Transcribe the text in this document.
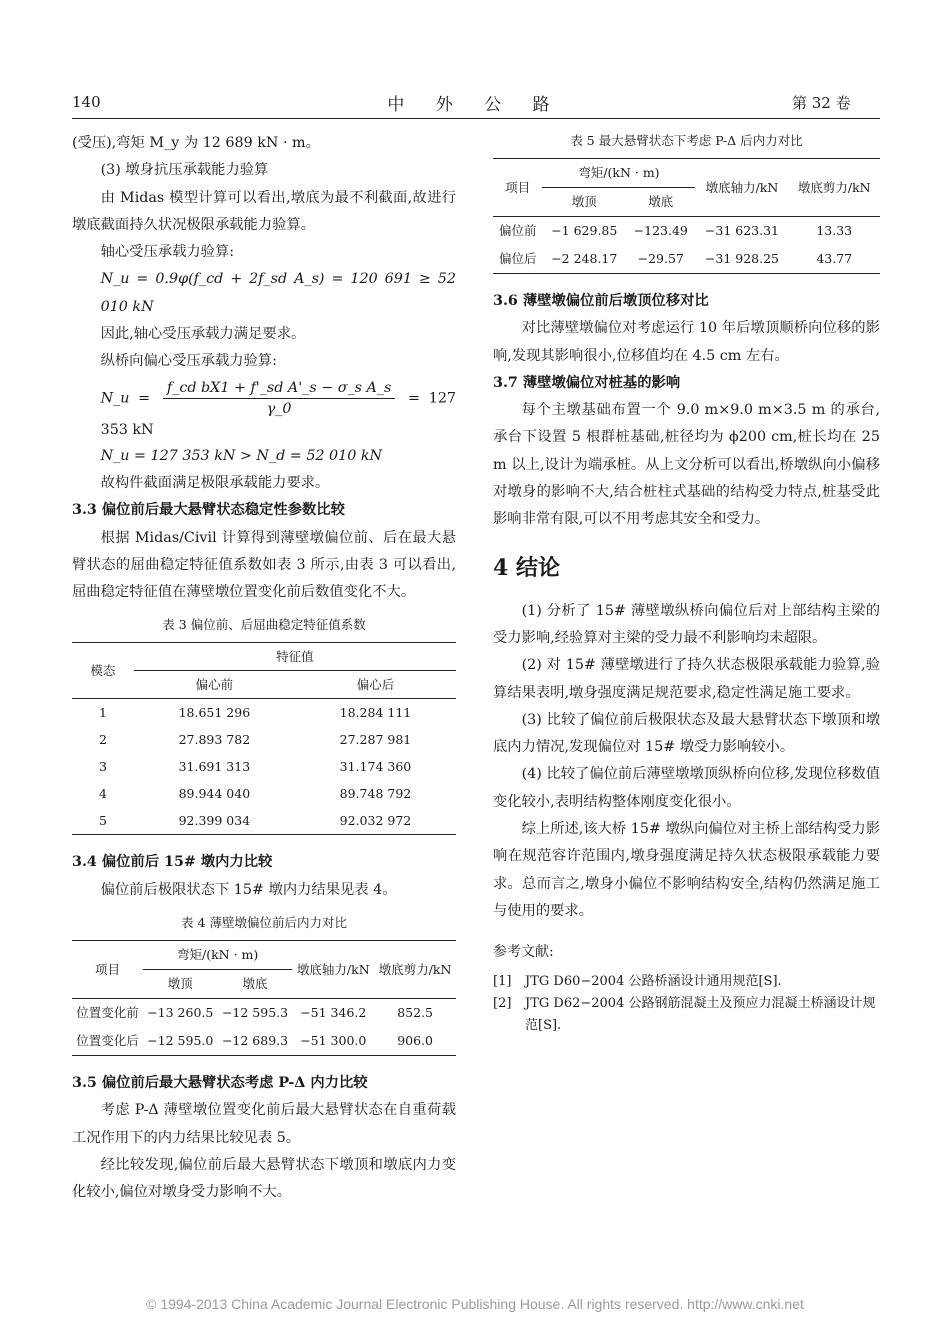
140	中 外 公 路	第 32 卷

(受压),弯矩 M_y 为 12 689 kN · m。

(3) 墩身抗压承载能力验算

由 Midas 模型计算可以看出,墩底为最不利截面,故进行墩底截面持久状况极限承载能力验算。

轴心受压承载力验算:

N_u = 0.9φ(f_cd + 2f_sd A_s) = 120 691 ≥ 52 010 kN

因此,轴心受压承载力满足要求。

纵桥向偏心受压承载力验算:

N_u = $\frac{\text{f\_cd bX1 + f'\_sd A'\_s − σ\_s A\_s}}{\gamma\_0} = 127$ 353 kN

N_u = 127 353 kN > N_d = 52 010 kN

故构件截面满足极限承载能力要求。

3.3 偏位前后最大悬臂状态稳定性参数比较

根据 Midas/Civil 计算得到薄壁墩偏位前、后在最大悬臂状态的屈曲稳定特征值系数如表 3 所示,由表 3 可以看出,屈曲稳定特征值在薄壁墩位置变化前后数值变化不大。

表 3 偏位前、后屈曲稳定特征值系数
模态	特征值	
	偏心前	偏心后
1	18.651 296	18.284 111
2	27.893 782	27.287 981
3	31.691 313	31.174 360
4	89.944 040	89.748 792
5	92.399 034	92.032 972

3.4 偏位前后 15# 墩内力比较

偏位前后极限状态下 15# 墩内力结果见表 4。

表 4 薄壁墩偏位前后内力对比
项目	弯矩/(kN · m)		墩底轴力/kN	墩底剪力/kN
	墩顶	墩底		
位置变化前	−13 260.5	−12 595.3	−51 346.2	852.5
位置变化后	−12 595.0	−12 689.3	−51 300.0	906.0

3.5 偏位前后最大悬臂状态考虑 P-Δ 内力比较

考虑 P-Δ 薄壁墩位置变化前后最大悬臂状态在自重荷载工况作用下的内力结果比较见表 5。

经比较发现,偏位前后最大悬臂状态下墩顶和墩底内力变化较小,偏位对墩身受力影响不大。

表 5 最大悬臂状态下考虑 P-Δ 后内力对比
项目	弯矩/(kN · m)		墩底轴力/kN	墩底剪力/kN
	墩顶	墩底		
偏位前	−1 629.85	−123.49	−31 623.31	13.33
偏位后	−2 248.17	−29.57	−31 928.25	43.77

3.6 薄壁墩偏位前后墩顶位移对比

对比薄壁墩偏位对考虑运行 10 年后墩顶顺桥向位移的影响,发现其影响很小,位移值均在 4.5 cm 左右。

3.7 薄壁墩偏位对桩基的影响

每个主墩基础布置一个 9.0 m×9.0 m×3.5 m 的承台,承台下设置 5 根群桩基础,桩径均为 ϕ200 cm,桩长均在 25 m 以上,设计为端承桩。从上文分析可以看出,桥墩纵向小偏移对墩身的影响不大,结合桩柱式基础的结构受力特点,桩基受此影响非常有限,可以不用考虑其安全和受力。

4 结论

(1) 分析了 15# 薄壁墩纵桥向偏位后对上部结构主梁的受力影响,经验算对主梁的受力最不利影响均未超限。

(2) 对 15# 薄壁墩进行了持久状态极限承载能力验算,验算结果表明,墩身强度满足规范要求,稳定性满足施工要求。

(3) 比较了偏位前后极限状态及最大悬臂状态下墩顶和墩底内力情况,发现偏位对 15# 墩受力影响较小。

(4) 比较了偏位前后薄壁墩墩顶纵桥向位移,发现位移数值变化较小,表明结构整体刚度变化很小。

综上所述,该大桥 15# 墩纵向偏位对主桥上部结构受力影响在规范容许范围内,墩身强度满足持久状态极限承载能力要求。总而言之,墩身小偏位不影响结构安全,结构仍然满足施工与使用的要求。

参考文献:
[1]	JTG D60−2004 公路桥涵设计通用规范[S].
[2]	JTG D62−2004 公路钢筋混凝土及预应力混凝土桥涵设计规范[S].
© 1994-2013 China Academic Journal Electronic Publishing House. All rights reserved. http://www.cnki.net
